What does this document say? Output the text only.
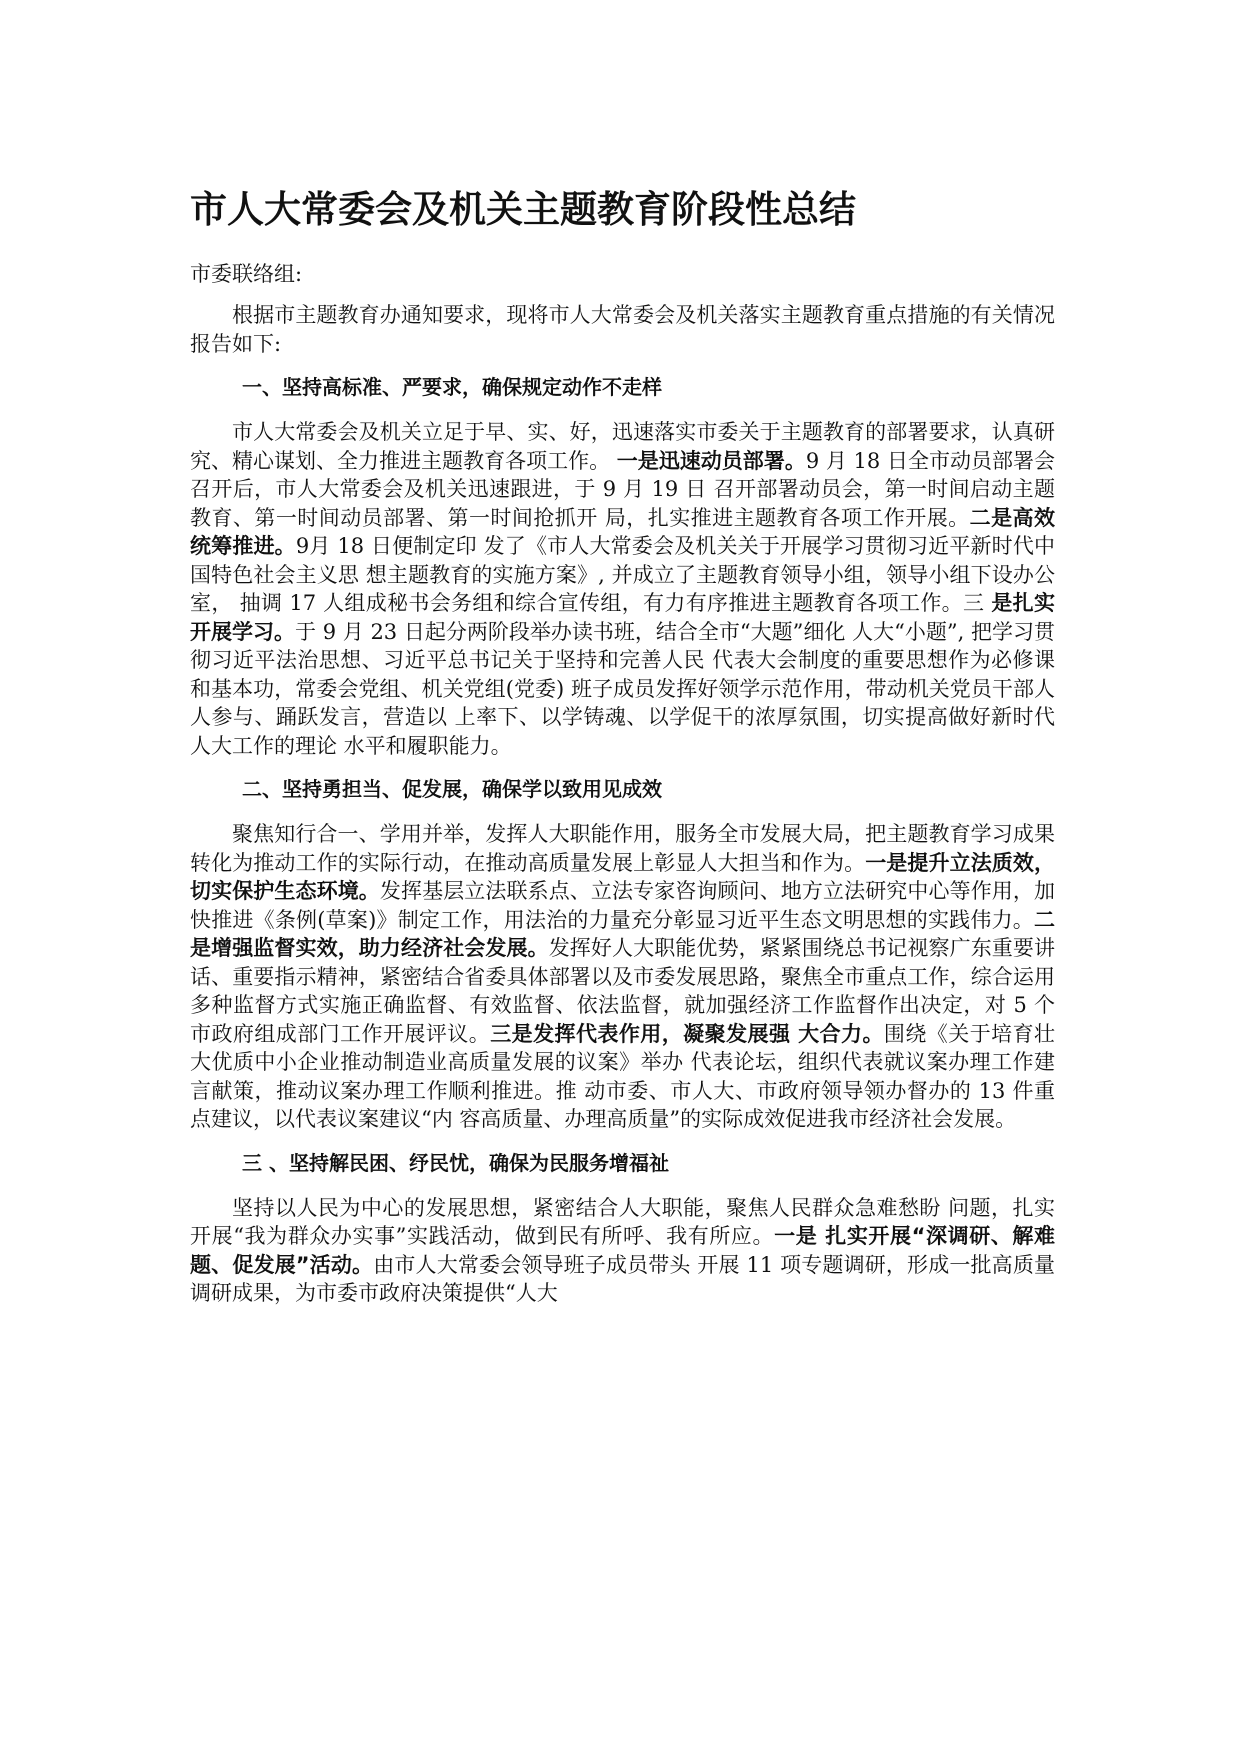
市人大常委会及机关主题教育阶段性总结

市委联络组:

根据市主题教育办通知要求，现将市人大常委会及机关落实主题教育重点措施的有关情况报告如下:

一、坚持高标准、严要求，确保规定动作不走样

市人大常委会及机关立足于早、实、好，迅速落实市委关于主题教育的部署要求，认真研究、精心谋划、全力推进主题教育各项工作。 一是迅速动员部署。9 月 18 日全市动员部署会召开后，市人大常委会及机关迅速跟进，于 9 月 19 日 召开部署动员会，第一时间启动主题教育、第一时间动员部署、第一时间抢抓开 局，扎实推进主题教育各项工作开展。二是高效统筹推进。9月 18 日便制定印 发了《市人大常委会及机关关于开展学习贯彻习近平新时代中国特色社会主义思 想主题教育的实施方案》, 并成立了主题教育领导小组，领导小组下设办公室， 抽调 17 人组成秘书会务组和综合宣传组，有力有序推进主题教育各项工作。三 是扎实开展学习。于 9 月 23 日起分两阶段举办读书班，结合全市“大题”细化 人大“小题”, 把学习贯彻习近平法治思想、习近平总书记关于坚持和完善人民 代表大会制度的重要思想作为必修课和基本功，常委会党组、机关党组(党委) 班子成员发挥好领学示范作用，带动机关党员干部人人参与、踊跃发言，营造以 上率下、以学铸魂、以学促干的浓厚氛围，切实提高做好新时代人大工作的理论 水平和履职能力。

二、坚持勇担当、促发展，确保学以致用见成效

聚焦知行合一、学用并举，发挥人大职能作用，服务全市发展大局，把主题教育学习成果转化为推动工作的实际行动，在推动高质量发展上彰显人大担当和作为。一是提升立法质效，切实保护生态环境。发挥基层立法联系点、立法专家咨询顾问、地方立法研究中心等作用，加快推进《条例(草案)》制定工作，用法治的力量充分彰显习近平生态文明思想的实践伟力。二是增强监督实效，助力经济社会发展。发挥好人大职能优势，紧紧围绕总书记视察广东重要讲话、重要指示精神，紧密结合省委具体部署以及市委发展思路，聚焦全市重点工作，综合运用多种监督方式实施正确监督、有效监督、依法监督，就加强经济工作监督作出决定，对 5 个市政府组成部门工作开展评议。三是发挥代表作用，凝聚发展强 大合力。围绕《关于培育壮大优质中小企业推动制造业高质量发展的议案》举办 代表论坛，组织代表就议案办理工作建言献策，推动议案办理工作顺利推进。推 动市委、市人大、市政府领导领办督办的 13 件重点建议，以代表议案建议“内 容高质量、办理高质量”的实际成效促进我市经济社会发展。

三 、坚持解民困、纾民忧，确保为民服务增福祉

坚持以人民为中心的发展思想，紧密结合人大职能，聚焦人民群众急难愁盼 问题，扎实开展“我为群众办实事”实践活动，做到民有所呼、我有所应。一是 扎实开展“深调研、解难题、促发展”活动。由市人大常委会领导班子成员带头 开展 11 项专题调研，形成一批高质量调研成果，为市委市政府决策提供“人大
